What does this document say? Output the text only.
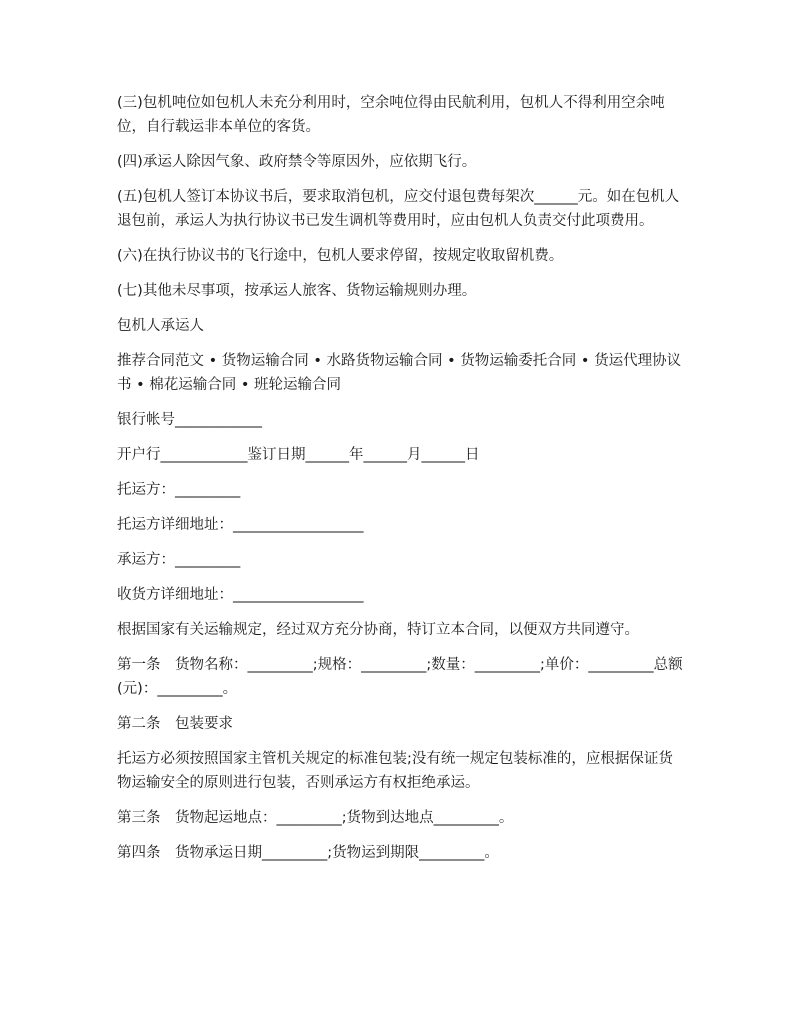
(三)包机吨位如包机人未充分利用时，空余吨位得由民航利用，包机人不得利用空余吨位，自行载运非本单位的客货。

(四)承运人除因气象、政府禁令等原因外，应依期飞行。

(五)包机人签订本协议书后，要求取消包机，应交付退包费每架次______元。如在包机人退包前，承运人为执行协议书已发生调机等费用时，应由包机人负责交付此项费用。

(六)在执行协议书的飞行途中，包机人要求停留，按规定收取留机费。

(七)其他未尽事项，按承运人旅客、货物运输规则办理。

包机人承运人

推荐合同范文 • 货物运输合同 • 水路货物运输合同 • 货物运输委托合同 • 货运代理协议书 • 棉花运输合同 • 班轮运输合同

银行帐号____________

开户行____________鉴订日期______年______月______日

托运方：_________

托运方详细地址：__________________

承运方：_________

收货方详细地址：__________________

根据国家有关运输规定，经过双方充分协商，特订立本合同，以便双方共同遵守。

第一条　货物名称：_________;规格：_________;数量：_________;单价：_________总额(元)：_________。

第二条　包装要求

托运方必须按照国家主管机关规定的标准包装;没有统一规定包装标准的，应根据保证货物运输安全的原则进行包装，否则承运方有权拒绝承运。

第三条　货物起运地点：_________;货物到达地点_________。

第四条　货物承运日期_________;货物运到期限_________。
